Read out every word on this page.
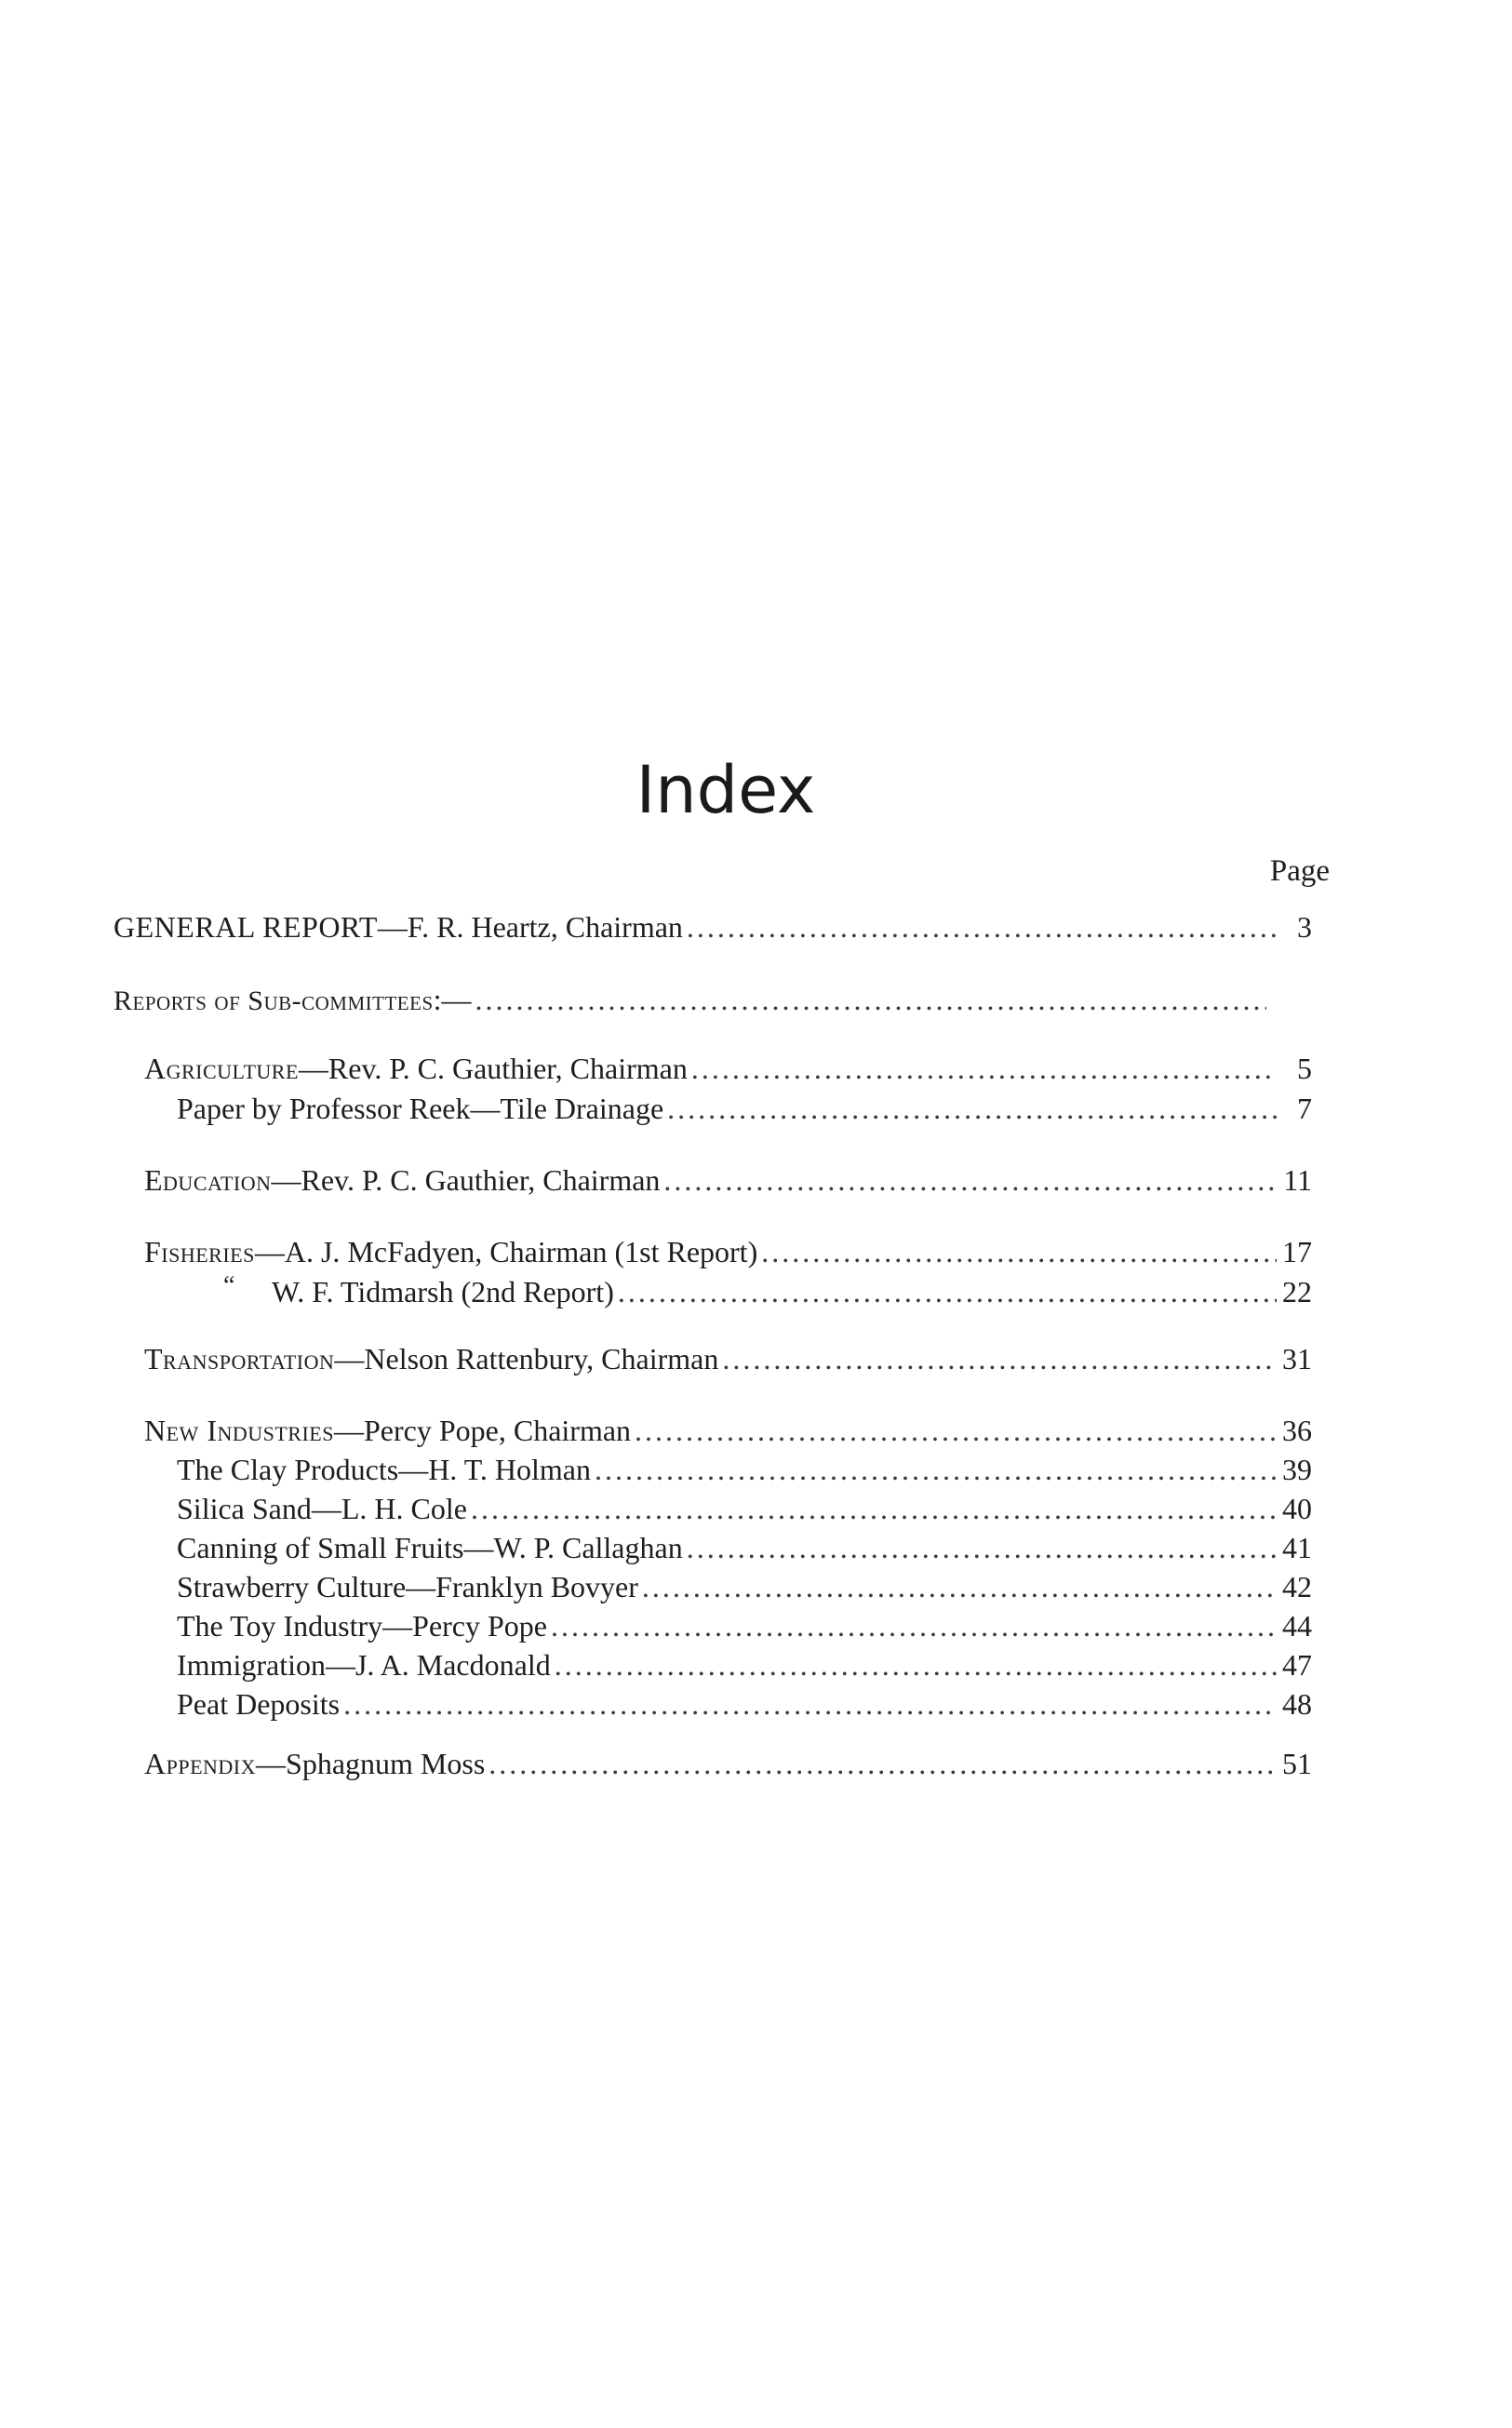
Index
Page
GENERAL REPORT —F. R. Heartz, Chairman .....	3
Reports of Sub-committees :—
.....
Agriculture —Rev. P. C. Gauthier, Chairman .....	5
Paper by Professor Reek—Tile Drainage .....	7
Education —Rev. P. C. Gauthier, Chairman .....	11
Fisheries —A. J. McFadyen, Chairman (1st Report) .....	17
“ W. F. Tidmarsh (2nd Report) .....	22
Transportation —Nelson Rattenbury, Chairman .....	31
New Industries —Percy Pope, Chairman .....	36
The Clay Products—H. T. Holman .....	39
Silica Sand—L. H. Cole .....	40
Canning of Small Fruits—W. P. Callaghan .....	41
Strawberry Culture—Franklyn Bovyer .....	42
The Toy Industry—Percy Pope .....	44
Immigration—J. A. Macdonald .....	47
Peat Deposits .....	48
Appendix —Sphagnum Moss .....	51
